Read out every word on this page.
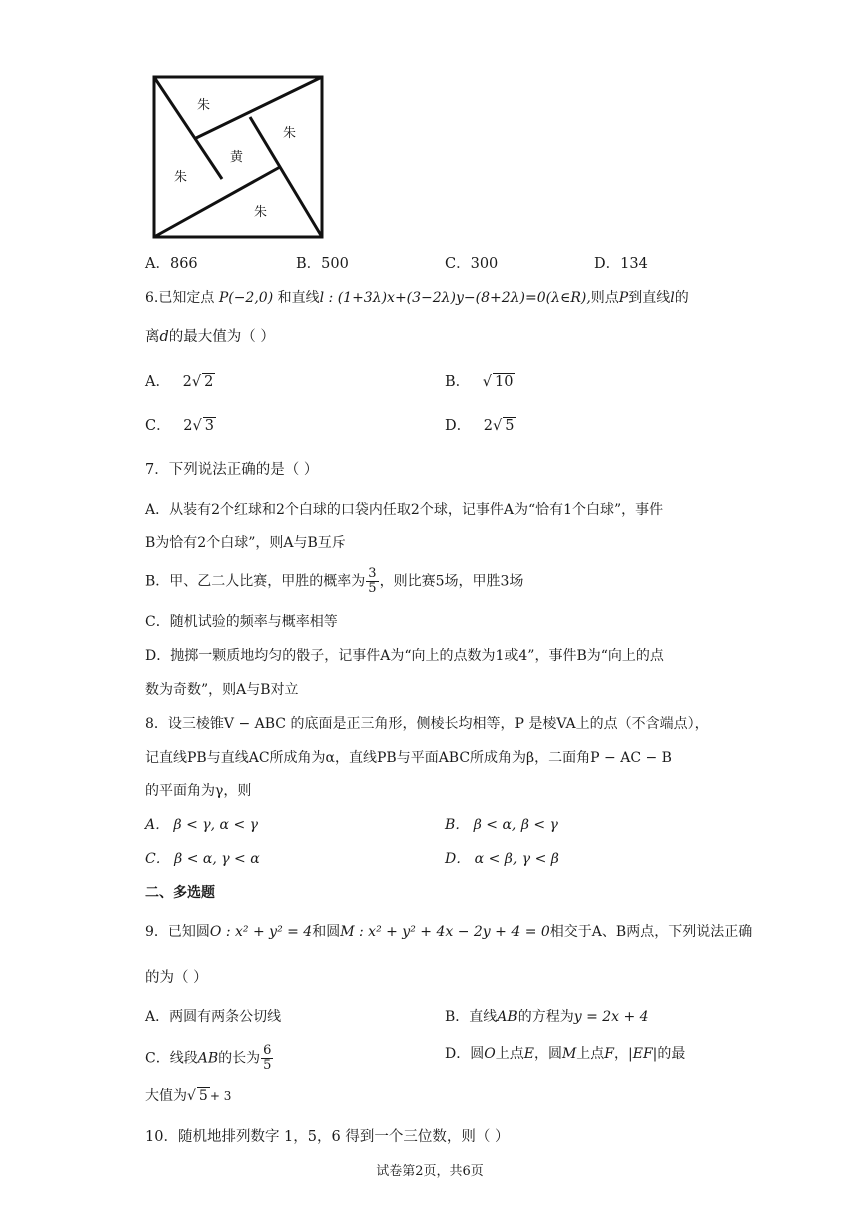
朱
朱
黄
朱
朱
A．866	B．500	C．300	D．134
6.已知定点 P(−2,0) 和直线l : (1+3λ)x+(3−2λ)y−(8+2λ)=0(λ∈R),则点P到直线l的
离d的最大值为（ ）
A． 2√ 2	B． √ 10
C． 2√ 3	D． 2√ 5
7．下列说法正确的是（ ）
A．从装有2个红球和2个白球的口袋内任取2个球，记事件A为“恰有1个白球”，事件
B为恰有2个白球”，则A与B互斥
B．甲、乙二人比赛，甲胜的概率为 $\frac{3}{5}$ ，则比赛5场，甲胜3场
C．随机试验的频率与概率相等
D．抛掷一颗质地均匀的骰子，记事件A为“向上的点数为1或4”，事件B为“向上的点
数为奇数”，则A与B对立
8．设三棱锥V − ABC 的底面是正三角形，侧棱长均相等，P 是棱VA上的点（不含端点），
记直线PB与直线AC所成角为α，直线PB与平面ABC所成角为β，二面角P − AC − B
的平面角为γ，则
A． β < γ, α < γ	B． β < α, β < γ
C． β < α, γ < α	D． α < β, γ < β
二、多选题
9．已知圆O : x² + y² = 4和圆M : x² + y² + 4x − 2y + 4 = 0相交于A、B两点，下列说法正确
的为（ ）
A．两圆有两条公切线	B．直线AB的方程为y = 2x + 4
C．线段AB的长为 $\frac{6}{5}$	D．圆O上点E，圆M上点F，|EF|的最
大值为√ 5 + 3
10．随机地排列数字 1，5，6 得到一个三位数，则（ ）
试卷第2页，共6页
